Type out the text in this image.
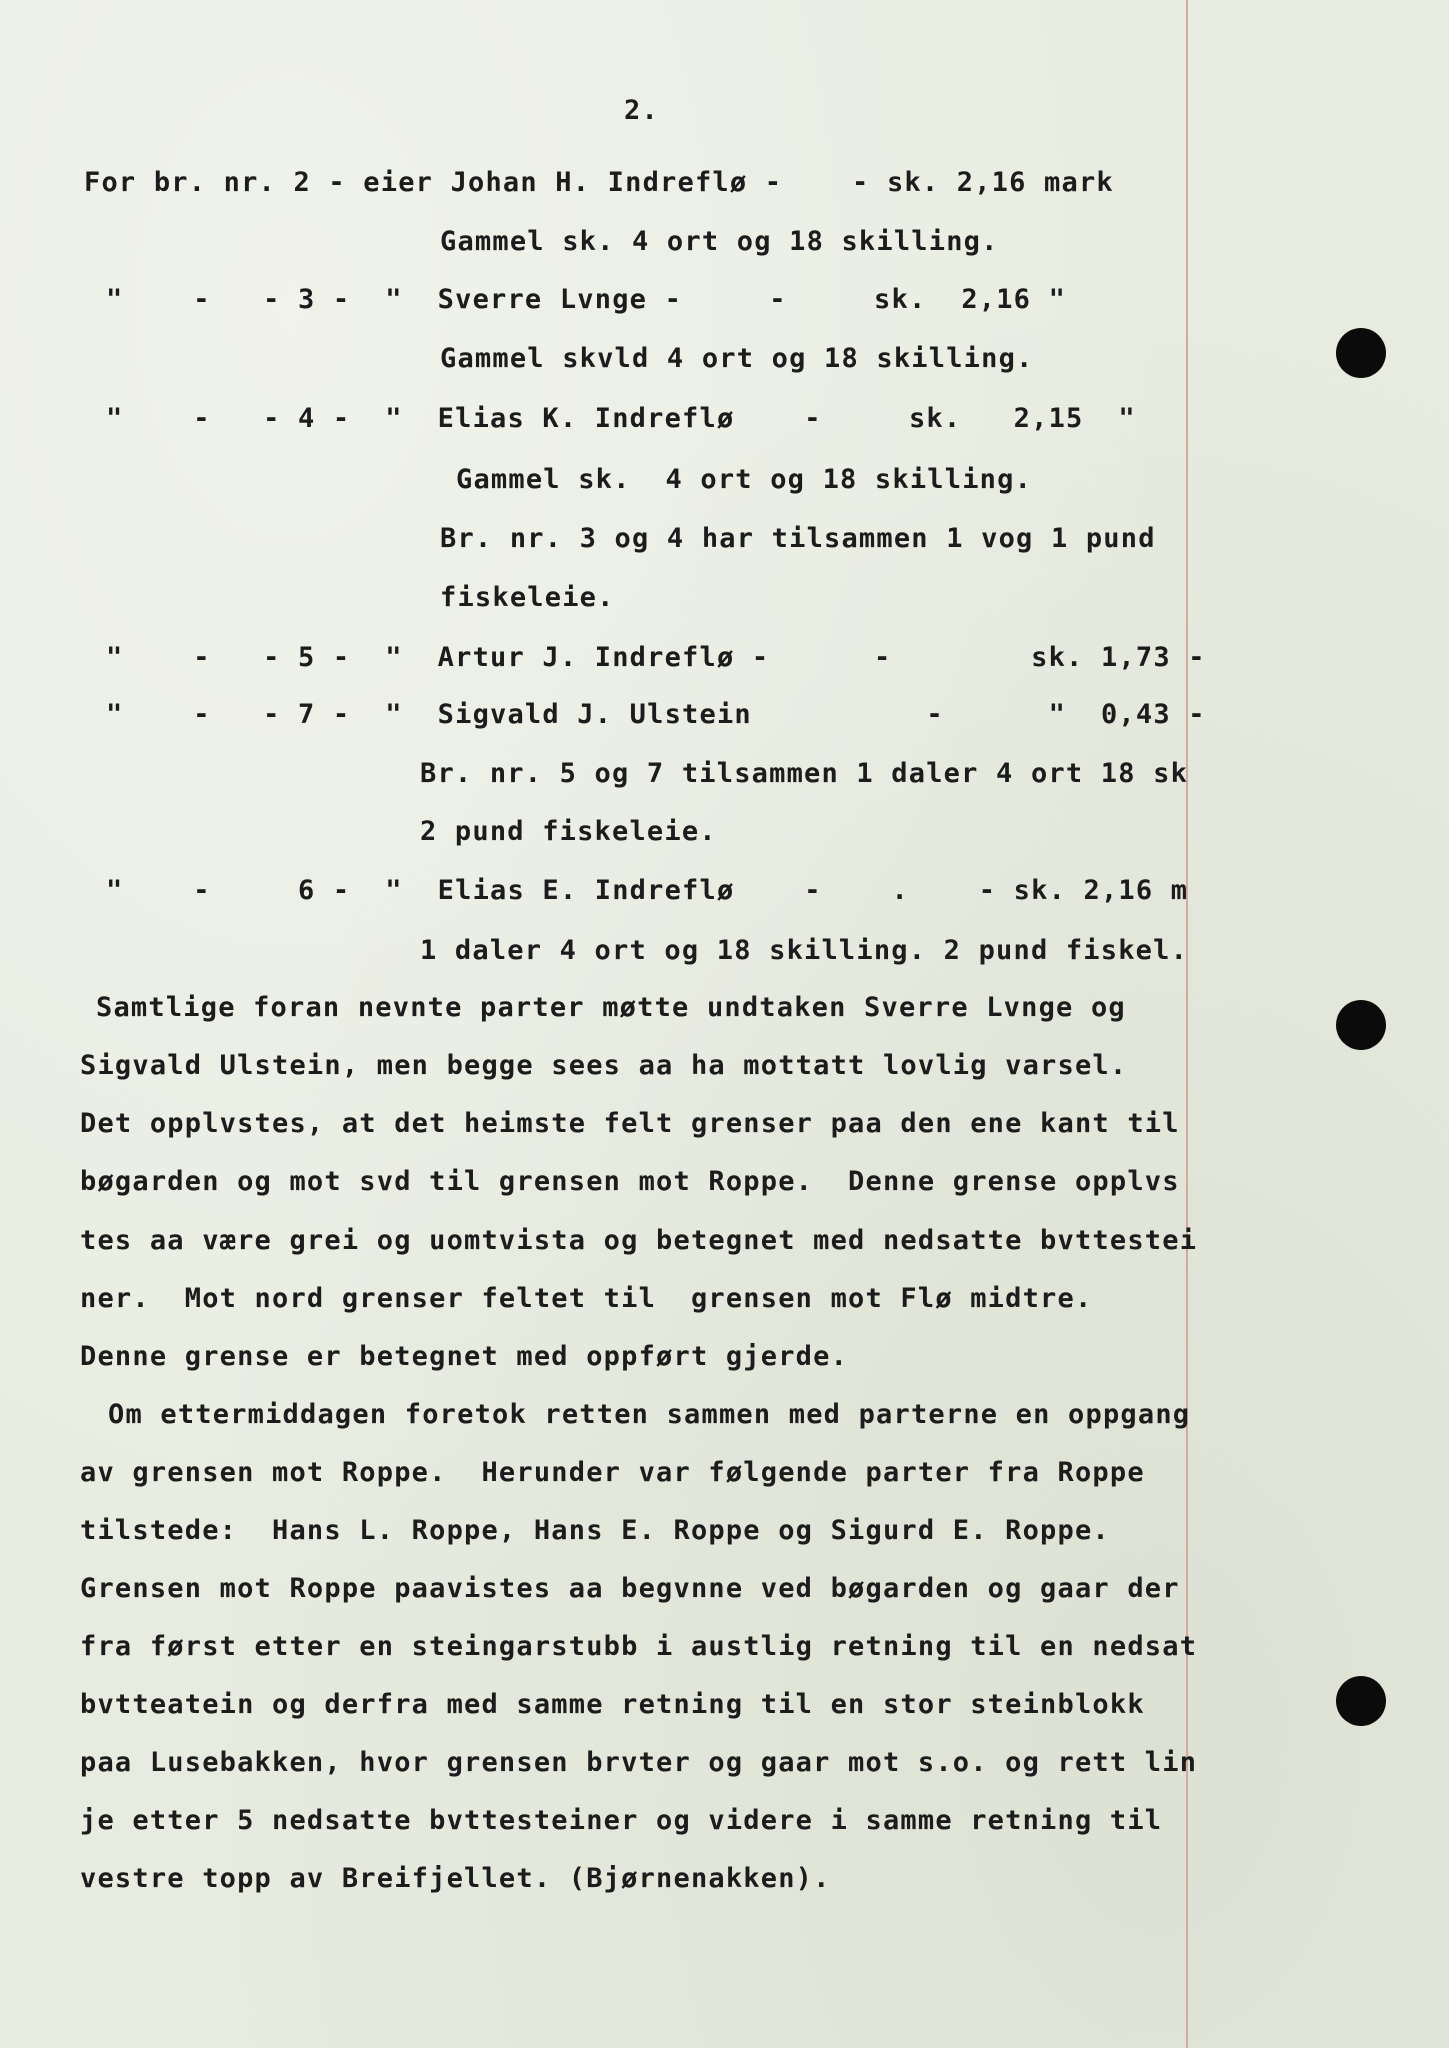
2.
For br. nr. 2 - eier Johan H. Indreflø -    - sk. 2,16 mark
Gammel sk. 4 ort og 18 skilling.
"    -   - 3 -  "  Sverre Lvnge -     -     sk.  2,16 "
Gammel skvld 4 ort og 18 skilling.
"    -   - 4 -  "  Elias K. Indreflø    -     sk.   2,15  "
Gammel sk.  4 ort og 18 skilling.
Br. nr. 3 og 4 har tilsammen 1 vog 1 pund
fiskeleie.
"    -   - 5 -  "  Artur J. Indreflø -      -        sk. 1,73 -
"    -   - 7 -  "  Sigvald J. Ulstein          -      "  0,43 -
Br. nr. 5 og 7 tilsammen 1 daler 4 ort 18 sk
2 pund fiskeleie.
"    -     6 -  "  Elias E. Indreflø    -    .    - sk. 2,16 m
1 daler 4 ort og 18 skilling. 2 pund fiskel.
Samtlige foran nevnte parter møtte undtaken Sverre Lvnge og
Sigvald Ulstein, men begge sees aa ha mottatt lovlig varsel.
Det opplvstes, at det heimste felt grenser paa den ene kant til
bøgarden og mot svd til grensen mot Roppe.  Denne grense opplvs
tes aa være grei og uomtvista og betegnet med nedsatte bvttestei
ner.  Mot nord grenser feltet til  grensen mot Flø midtre.
Denne grense er betegnet med oppført gjerde.
Om ettermiddagen foretok retten sammen med parterne en oppgang
av grensen mot Roppe.  Herunder var følgende parter fra Roppe
tilstede:  Hans L. Roppe, Hans E. Roppe og Sigurd E. Roppe.
Grensen mot Roppe paavistes aa begvnne ved bøgarden og gaar der
fra først etter en steingarstubb i austlig retning til en nedsat
bvtteatein og derfra med samme retning til en stor steinblokk
paa Lusebakken, hvor grensen brvter og gaar mot s.o. og rett lin
je etter 5 nedsatte bvttesteiner og videre i samme retning til
vestre topp av Breifjellet. (Bjørnenakken).
